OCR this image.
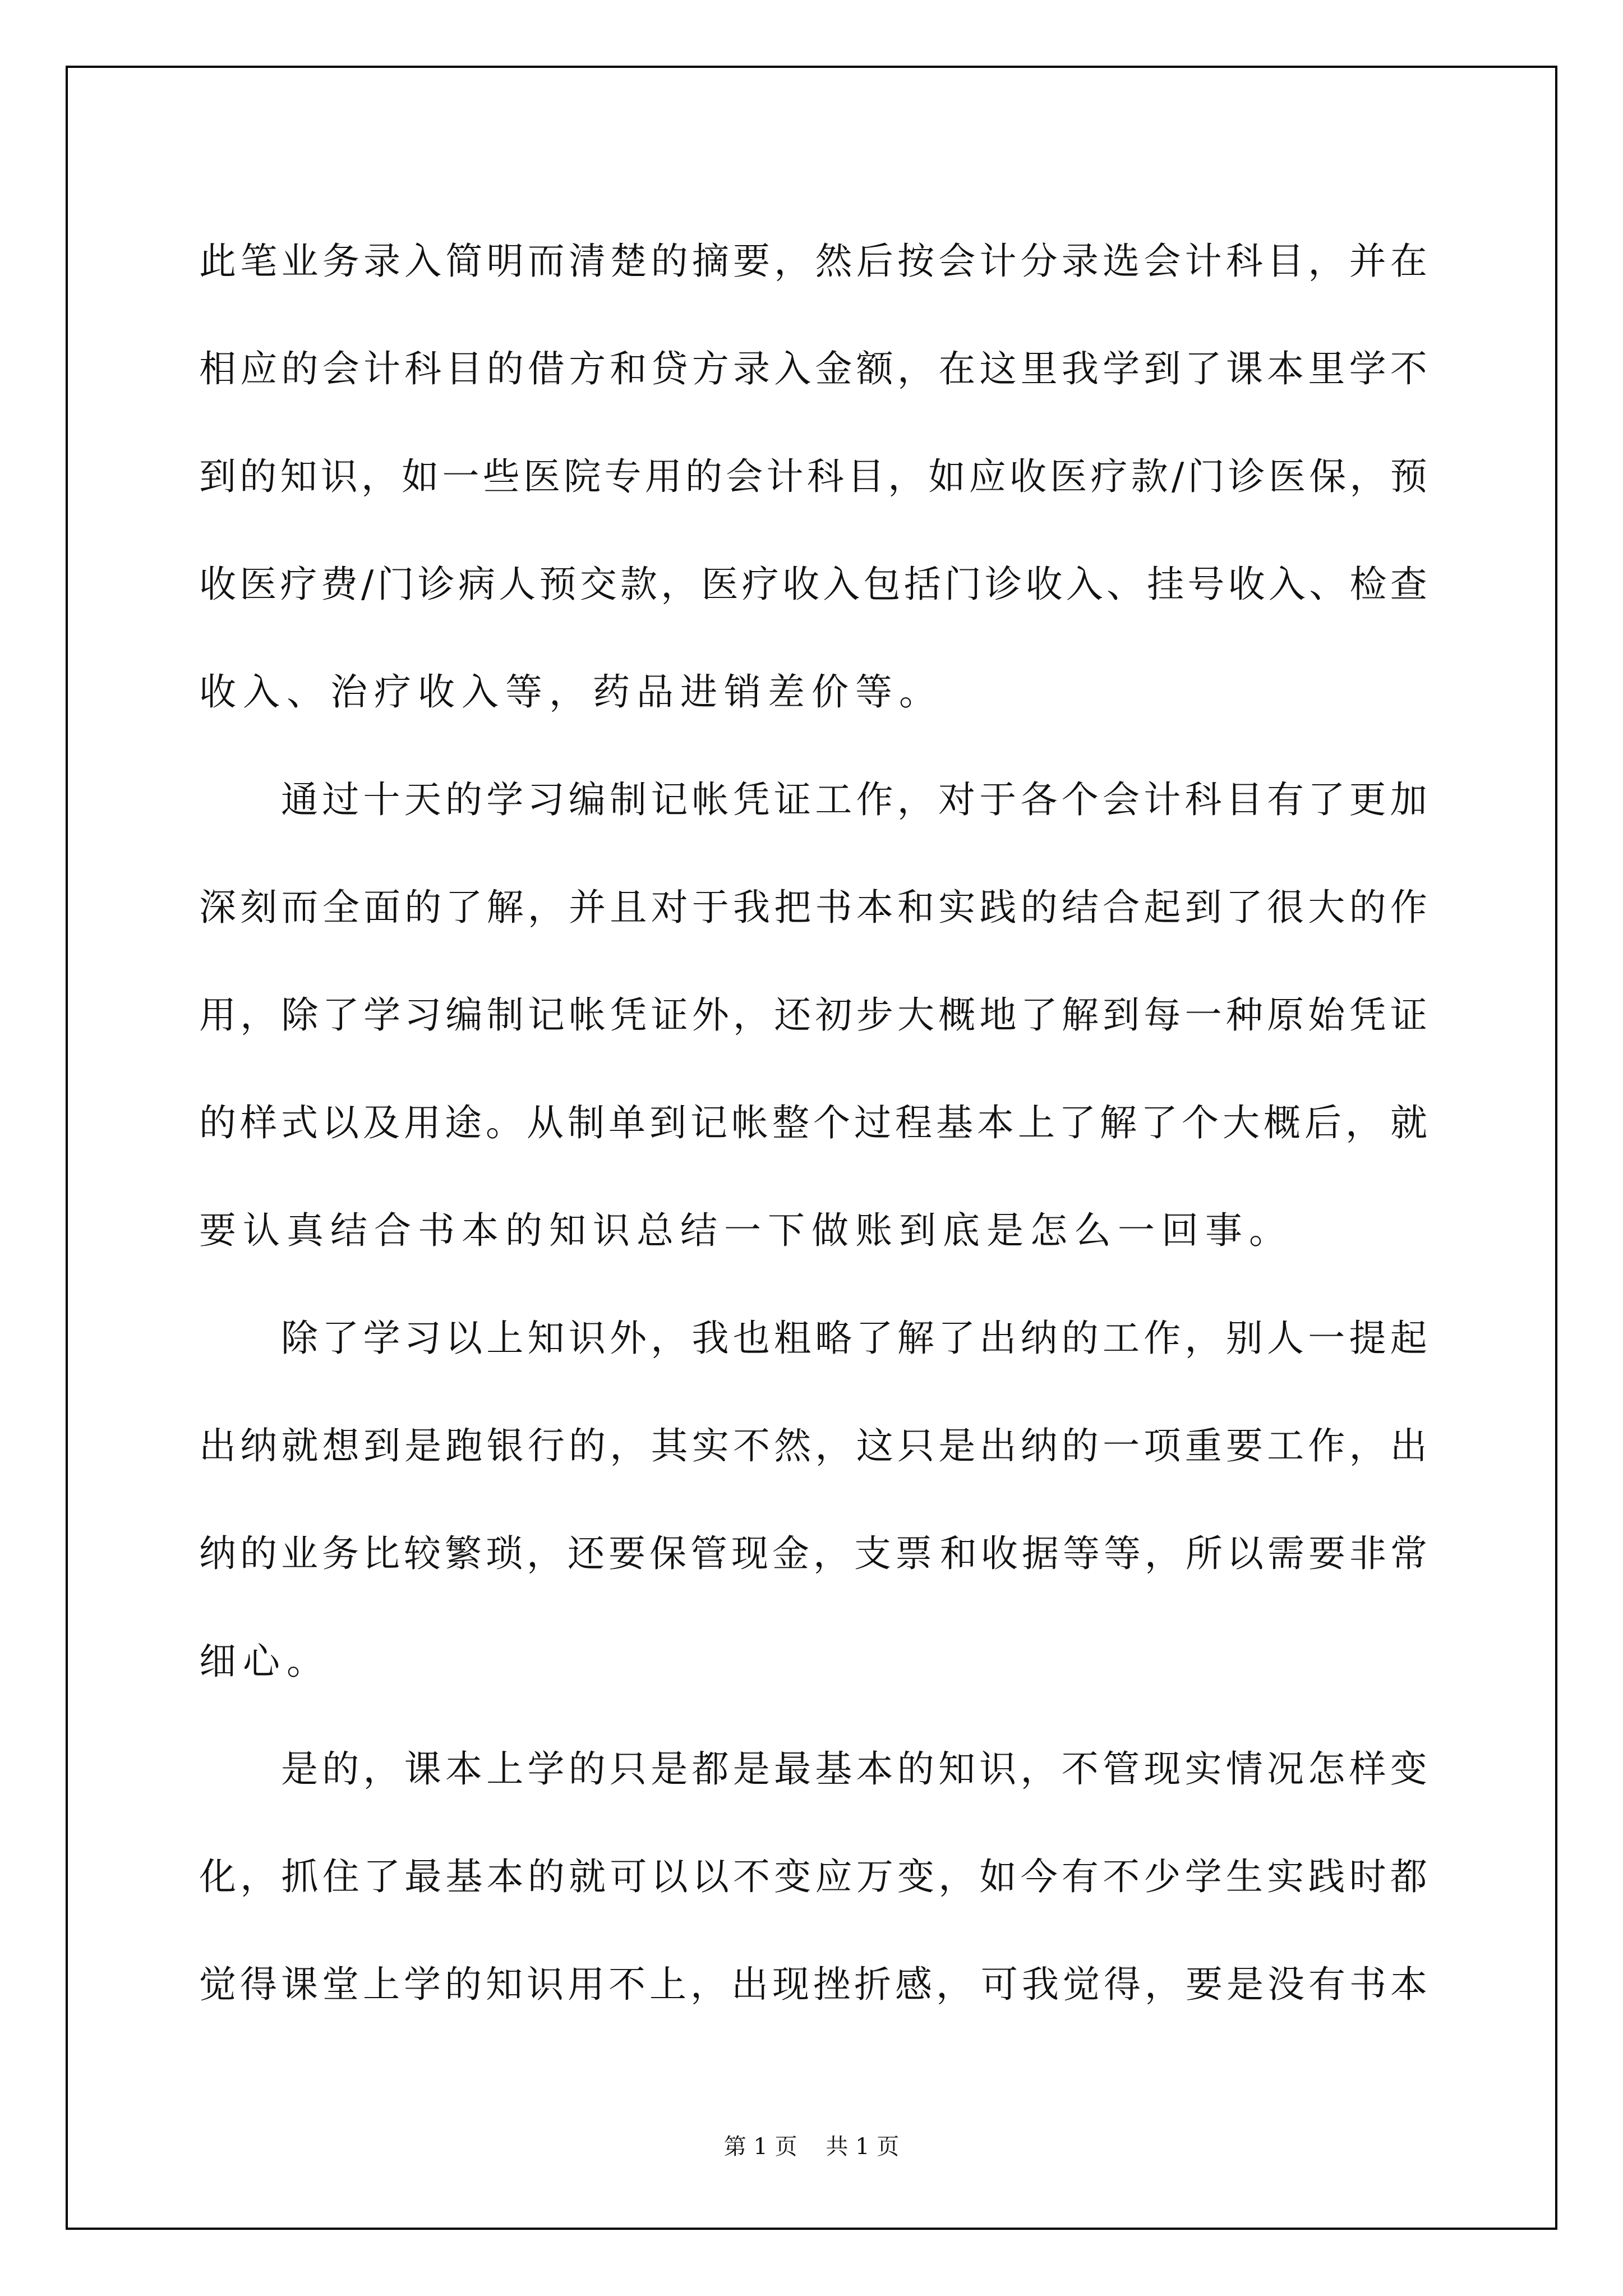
此 笔 业 务 录 入 简 明 而 清 楚 的 摘 要 ， 然 后 按 会 计 分 录 选 会 计 科 目 ， 并 在
相 应 的 会 计 科 目 的 借 方 和 贷 方 录 入 金 额 ， 在 这 里 我 学 到 了 课 本 里 学 不
到 的 知 识 ， 如 一 些 医 院 专 用 的 会 计 科 目 ， 如 应 收 医 疗 款 / 门 诊 医 保 ， 预
收 医 疗 费 / 门 诊 病 人 预 交 款 ， 医 疗 收 入 包 括 门 诊 收 入 、 挂 号 收 入 、 检 查
收入、治疗收入等，药品进销差价等。
通 过 十 天 的 学 习 编 制 记 帐 凭 证 工 作 ， 对 于 各 个 会 计 科 目 有 了 更 加
深 刻 而 全 面 的 了 解 ， 并 且 对 于 我 把 书 本 和 实 践 的 结 合 起 到 了 很 大 的 作
用 ， 除 了 学 习 编 制 记 帐 凭 证 外 ， 还 初 步 大 概 地 了 解 到 每 一 种 原 始 凭 证
的 样 式 以 及 用 途 。 从 制 单 到 记 帐 整 个 过 程 基 本 上 了 解 了 个 大 概 后 ， 就
要认真结合书本的知识总结一下做账到底是怎么一回事。
除 了 学 习 以 上 知 识 外 ， 我 也 粗 略 了 解 了 出 纳 的 工 作 ， 别 人 一 提 起
出 纳 就 想 到 是 跑 银 行 的 ， 其 实 不 然 ， 这 只 是 出 纳 的 一 项 重 要 工 作 ， 出
纳 的 业 务 比 较 繁 琐 ， 还 要 保 管 现 金 ， 支 票 和 收 据 等 等 ， 所 以 需 要 非 常
细心。
是 的 ， 课 本 上 学 的 只 是 都 是 最 基 本 的 知 识 ， 不 管 现 实 情 况 怎 样 变
化 ， 抓 住 了 最 基 本 的 就 可 以 以 不 变 应 万 变 ， 如 今 有 不 少 学 生 实 践 时 都
觉 得 课 堂 上 学 的 知 识 用 不 上 ， 出 现 挫 折 感 ， 可 我 觉 得 ， 要 是 没 有 书 本
第 1 页    共 1 页
